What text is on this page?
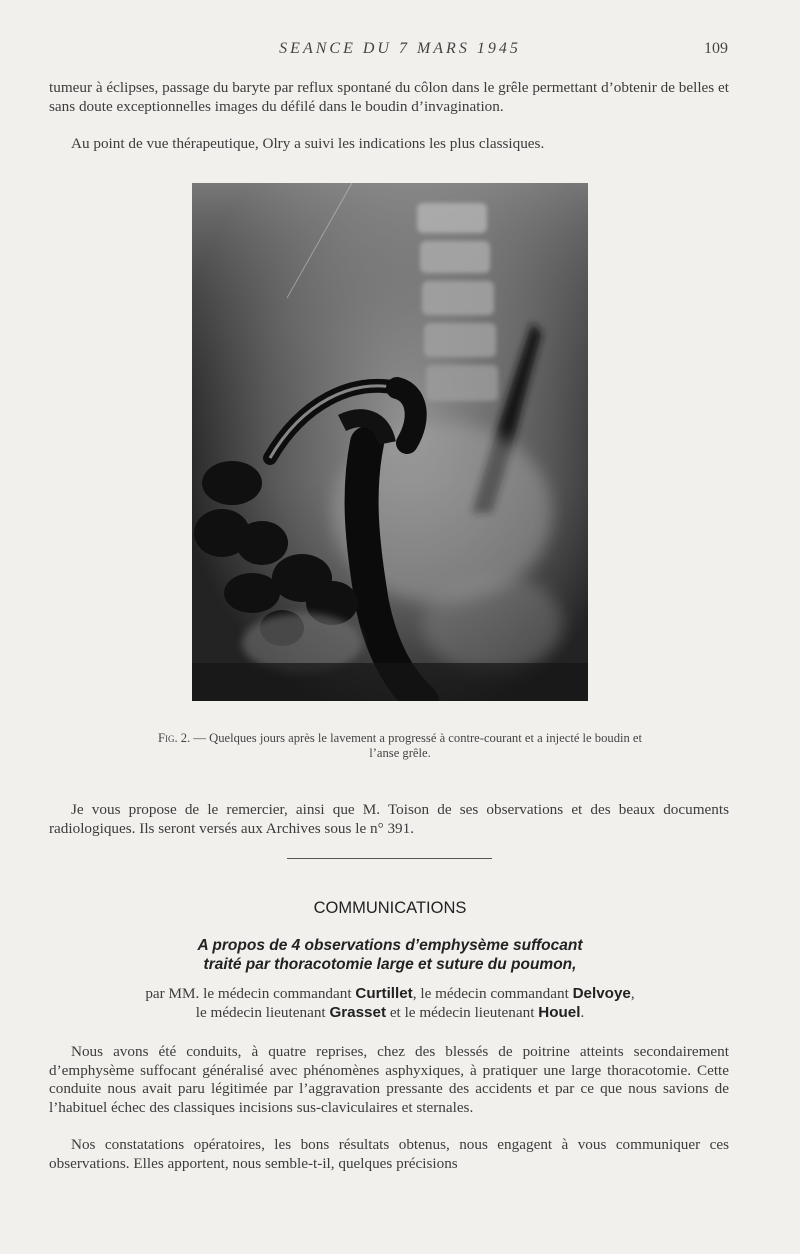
SEANCE DU 7 MARS 1945	109

tumeur à éclipses, passage du baryte par reflux spontané du côlon dans le grêle permettant d’obtenir de belles et sans doute exceptionnelles images du défilé dans le boudin d’invagination.

Au point de vue thérapeutique, Olry a suivi les indications les plus classiques.

Fig. 2. — Quelques jours après le lavement a progressé à contre-courant et a injecté le boudin et l’anse grêle.

Je vous propose de le remercier, ainsi que M. Toison de ses observations et des beaux documents radiologiques. Ils seront versés aux Archives sous le n° 391.

COMMUNICATIONS
A propos de 4 observations d’emphysème suffocant
traité par thoracotomie large et suture du poumon,
par MM. le médecin commandant Curtillet, le médecin commandant Delvoye,
le médecin lieutenant Grasset et le médecin lieutenant Houel.

Nous avons été conduits, à quatre reprises, chez des blessés de poitrine atteints secondairement d’emphysème suffocant généralisé avec phénomènes asphyxiques, à pratiquer une large thoracotomie. Cette conduite nous avait paru légitimée par l’aggravation pressante des accidents et par ce que nous savions de l’habituel échec des classiques incisions sus-claviculaires et sternales.

Nos constatations opératoires, les bons résultats obtenus, nous engagent à vous communiquer ces observations. Elles apportent, nous semble-t-il, quelques précisions
